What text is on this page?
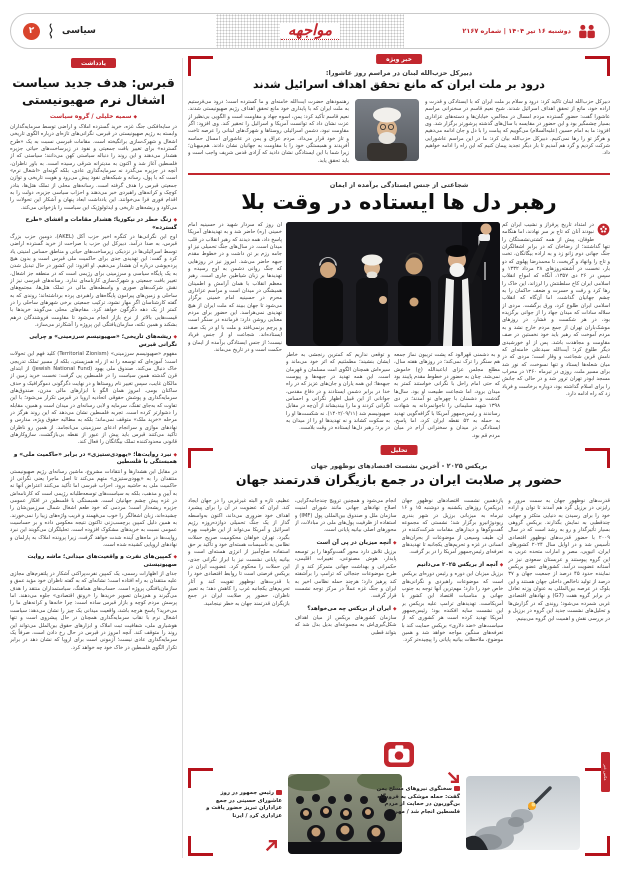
دوشنبه ۱۶ تیر ۱۴۰۴ | شماره ۲۱۶۷
مواجهه
سیاسی
۲
یادداشت
قبرس: هدف جدید سیاست
اشغال نرم صهیونیستی
◆سمیه خلیلی / گروه سیاست
در سایه‌افکنی جنگ غزه، خرید گسترده املاک و اراضی توسط سرمایه‌گذاران وابسته به رژیم صهیونیستی در قبرس، نگرانی‌های تازه‌ای درباره الگوی تاریخی اشغال و شهرک‌سازی برانگیخته است. مقامات قبرسی نسبت به یک «طرح گسترده» برای تغییر بافت جمعیتی و نفوذ در زیرساخت‌های حیاتی جزیره هشدار می‌دهند و این روند را دنباله سیاستی کهن می‌دانند؛ سیاستی که از فلسطین آغاز شد و اکنون به مدیترانه شرقی رسیده است. به باور ناظران، آنچه در جزیره می‌گذرد نه سرمایه‌گذاری عادی، بلکه گونه‌ای «اشغال نرم» است که با پول، رسانه و شبکه‌های نفوذ پیش می‌رود و هویت تاریخی و توازن جمعیتی قبرس را هدف گرفته است. رسانه‌های محلی از تملک هتل‌ها، بنادر کوچک و کرانه‌های راهبردی خبر می‌دهند و احزاب سیاسی جزیره، دولت را به اقدام فوری فرا می‌خوانند. این یادداشت ابعاد پنهان و آشکار این تحولات را می‌کاود و ریشه‌های تاریخی و ایدئولوژیک این سیاست را بازخوانی می‌کند.
◆زنگ خطر در نیکوزیا؛ هشدار مقامات و افشای «طرح گسترده»
اوج این نگرانی‌ها در کنگره اخیر حزب آکل (AKEL)، دومین حزب بزرگ قبرس، به صدا درآمد. دبیرکل این حزب با صراحت از خرید گسترده اراضی توسط اسرائیلی‌ها در نزدیکی زیرساخت‌های حیاتی و مناطق حساس امنیتی یاد کرد و گفت: این تهدیدی جدی برای حاکمیت ملی قبرس است و بدون هیچ پرده‌پوشی درباره آن هشدار می‌دهیم. او افزود: این کشور در حال تبدیل شدن به یک پایگاه سیاسی و سرزمینی برای رژیمی است که در منطقه جز اشغال، تغییر بافت جمعیتی و شهرک‌سازی کارنامه‌ای ندارد. رسانه‌های قبرسی نیز از نقش شرکت‌های صوری و واسطه‌های مالی در تملک هتل‌ها، مجتمع‌های ساحلی و زمین‌های پیرامون پایگاه‌های راهبردی پرده برداشته‌اند؛ روندی که به گفته کارشناسان اگر مهار نشود، ترکیب جمعیتی برخی شهرهای ساحلی را در کمتر از یک دهه دگرگون خواهد کرد. مقام‌های محلی می‌گویند خریدها با قیمت‌هایی بالاتر از نرخ بازار انجام می‌شود تا مقاومت فروشندگان درهم بشکند و همین نکته، سازمان‌یافتگی این پروژه را آشکارتر می‌سازد.
◆ریشه‌های تاریخی؛ «صهیونیسم سرزمینی» و چرایی نگرانی قبرس
مفهوم «صهیونیسم سرزمینی» (Territorial Zionism) کلید فهم این تحولات است؛ آموزه‌ای که توسعه را نه از راه همزیستی، بلکه از مسیر تملک تدریجی خاک دنبال می‌کند. صندوق ملی یهود (Jewish National Fund) از ابتدای قرن گذشته همین سیاست را در فلسطین پی گرفت: نخست خرید زمین از مالکان غایب، سپس تغییر نام روستاها و در نهایت دگرگونی دموگرافیک و حذف ساکنان بومی. امروز همان الگو با ابزارهای مالی مدرن، صندوق‌های سرمایه‌گذاری و پوشش حقوقی اتحادیه اروپا در قبرس تکرار می‌شود؛ با این تفاوت که به‌جای تفنگ، سرمایه و لابی رسانه‌ای در میدان است و همین، مقابله را دشوارتر کرده است. تجربه فلسطین نشان می‌دهد که این روند هرگز در مرحله «خرید ملک» متوقف نمی‌ماند؛ بلکه به مطالبه حقوق ویژه، مدارس و نهادهای موازی و سرانجام ادعای سرزمینی می‌انجامد. از همین رو ناظران تأکید می‌کنند قبرس باید پیش از عبور از نقطه بی‌بازگشت، سازوکارهای قانونی محدودکننده تملک بیگانگان را فعال کند.
◆نبرد روایت‌ها؛ «یهودی‌ستیزی» در برابر «حاکمیت ملی» و همبستگی با فلسطین
در مقابل این هشدارها و انتقادات مشروع، ماشین رسانه‌ای رژیم صهیونیستی منتقدان را به «یهودی‌ستیزی» متهم می‌کند تا اصل ماجرا یعنی نگرانی از حاکمیت ملی به حاشیه برود. احزاب قبرسی اما تأکید می‌کنند اعتراض آنها نه به آیین و مذهب، بلکه به سیاست‌های توسعه‌طلبانه رژیمی است که کارنامه‌اش در غزه پیش چشم جهانیان است. همبستگی با فلسطین در افکار عمومی جزیره ریشه‌دار است؛ مردمی که خود طعم اشغال شمال سرزمین‌شان را چشیده‌اند، زبان اشغالگر را خوب می‌فهمند و فریب واژه‌های زیبا را نمی‌خورند. به همین دلیل کمپین برچسب‌زنی تاکنون نتیجه معکوس داده و بر حساسیت عمومی نسبت به خریدهای مشکوک افزوده است. تحلیلگران می‌گویند این نبرد روایت‌ها در ماه‌های آینده شدت خواهد گرفت، زیرا پرونده املاک به پارلمان و نهادهای اروپایی کشیده شده است.
◆کمپین‌های نفرت و واقعیت‌های میدانی؛ ماشه روایت صهیونیستی
جدای از اظهارات رسمی، یک کمپین نفرت‌پراکنی آشکار در پلتفرم‌های مجازی علیه منتقدان به راه افتاده است؛ نشانه‌ای که به گفته ناظران خود مؤید عمق و سازمان‌یافتگی پروژه است. حساب‌های هماهنگ، سیاستمداران منتقد را هدف می‌گیرند و هم‌زمان تصویر خریدها را «رونق اقتصادی» جلوه می‌دهند. اما پرسش مردم کوچه و بازار قبرس ساده است: چرا خانه‌ها و کرانه‌های ما را می‌خرید؟ پاسخ هرچه باشد، واقعیت میدانی یک چیز را نشان می‌دهد: سیاست اشغال نرم با نقاب سرمایه‌گذاری همچنان در حال پیشروی است و تنها هوشیاری ملی، شفافیت ثبت املاک و ابزارهای حقوق بین‌الملل می‌تواند این روند را متوقف کند. آنچه امروز در قبرس در حال رخ دادن است، صرفاً یک سرمایه‌گذاری عادی نیست؛ آزمونی است برای اروپا که نشان دهد در برابر تکرار الگوی فلسطین در خاک خود چه خواهد کرد.
خبر ویژه
دبیرکل حزب‌الله لبنان در مراسم روز عاشورا:
درود بر ملت ایران که مانع تحقق اهداف اسرائیل شدند
دبیرکل حزب‌الله لبنان تأکید کرد: درود و سلام بر ملت ایران که با ایستادگی و قدرت و اراده خود، مانع از تحقق اهداف اسرائیل شدند. شیخ نعیم قاسم در سخنرانی مراسم عاشورا گفت: حضور گسترده مردم امسال در مجالس، خیابان‌ها و دسته‌های عزاداری بسیار چشمگیر بود و این حضور در مقایسه با سال‌های گذشته پرشورتر برگزار شد. وی افزود: ما به امام حسین (علیه‌السلام) می‌گوییم که پیامت را با دل و جان ادامه می‌دهیم و هرگز تو را رها نمی‌کنیم. دبیرکل حزب‌الله بیان کرد: ما در این مراسم عاشورایی شرکت کردیم و گرد هم آمدیم تا بار دیگر تجدید پیمان کنیم که این راه را ادامه خواهیم داد.
رهنمودهای حضرت آیت‌الله خامنه‌ای و ما گسترده است؛ درود می‌فرستیم به ملت ایران که با پایداری خود مانع تحقق اهداف رژیم صهیونیستی شدند. نعیم قاسم تأکید کرد: یمن، اسوه جهاد و مقاومت است و الگویی بی‌نظیر از عزت نشان داد که توانست آمریکا و اسرائیل را تحقیر کند. وی افزود: اگر مقاومت نبود، دشمن اسرائیلی روستاها و شهرک‌های لبنانی را عرصه تاخت و تاز خود قرار می‌داد. مردم عراق و یمن در عاشورای امسال حماسه آفریدند و همبستگی خود را با مقاومت به جهانیان نشان دادند. هم‌میهنان؛ زیرا شما با این ایستادگی نشان دادید که آزادی قدس شریف واجب است و باید تحقق یابد.
شجاعتی از جنس ایستادگی برآمده از ایمان
رهبر دل ها ایستاده در وقت بلا
در امتداد تاریخ پرفراز و نشیب ایران کم نبودند آنان که تاج بر سر نهادند، اما هنگامه طوفان، پیش از همه کشتی‌نشستگان را تنها گذاشتند؛ از رضاخان که در برابر اشغالگران جنگ جهانی دوم زانو زد و به اراده بیگانگان، تخت و تاج را وانهاد و گریخت، تا محمدرضا پهلوی که دو بار، نخست در آشفته‌روزهای ۲۸ مرداد ۱۳۳۲ و سپس در ۲۶ دی ۱۳۵۷، آنگاه که امواج انقلاب اسلامی ایران کاخ سلطنتش را لرزاند، این خاک را رها کرد و رفت و حسرت و ضعف حاکمان را به چشم جهانیان گذاشت. اما آن‌گاه که انقلاب اسلامی ایران طلوع کرد، ورق برگشت. مردی از سلاله سادات که میدان جهاد را از جوانی برگزیده بود، در هر شکست و فشار، در روزهای موشک‌باران تهران از جمع مردم خارج نشد و به مردم آموخت که رهبر باید خود نخستین در صف مقاومت و مجاهدت باشد. پس از او خورشیدی دیگر طلوع کرد؛ آیت‌الله سیدعلی خامنه‌ای که نامش قرین شجاعت و وقار است؛ مردی که در میان شعله‌ها ایستاد و تنها نسوخت، که نور شد برای مسیر ملت. روزی در تیرماه ۱۳۶۰ در محراب مسجد ابوذر تهران ترور شد و در حالی که جانش را برای اسلام گذاشته بود، دوباره برخاست و فریاد زد که راه ادامه دارد.
آن روز که سردار شهید در حسینیه امام خمینی (ره) حاضر شد و به تهدیدهای آمریکا پاسخ داد، همه دیدند که رهبر انقلاب در قلب میدان است. در سال‌های جنگ تحمیلی نیز او جامه رزم بر تن داشت و در خطوط مقدم جبهه حاضر می‌شد. امروز نیز در روزهایی که جنگ روانی دشمن به اوج رسیده و تهدیدها بر زبان شیاطین جاری است، رهبر معظم انقلاب با همان آرامش و اطمینان همیشگی در میدان است و مراسم عزاداری محرم در حسینیه امام خمینی برگزار می‌شود تا جهان ببیند که ملت ایران از هیچ تهدیدی نمی‌هراسد. این حضور برای مردم معنایی روشن دارد: فرمانده در سنگر است و پرچم برنمی‌افتد و ملت با او در یک صف ایستاده‌اند. شجاعت او از جنس فریاد نیست؛ از جنس ایستادگی برآمده از ایمان و حکمت است و در تاریخ می‌ماند.
و به دشمنی قهرآلود که پشت تریبون نماز جمعه هم سنگر را ترک نمی‌کند؛ در روزهای هفته سال، مطلع مجلس عزای اباعبدالله (ع) خاموش نمی‌شد. چنان به حضور در خطوط مقدم پایبند بود که حتی امام راحل با نگرانی خواستند کمتر به میدان برود، اما شجاعت طبیعت او بود. سال‌ها گذشت و دشمنان با چهره‌ای نو آمدند؛ در دی ۱۳۹۸ شهید سلیمانی را ناجوانمردانه به شهادت رساندند و رئیس‌جمهور آمریکا با گزافه‌گویی تهدید به حمله به ۵۲ نقطه ایران کرد، اما پاسخ، ایستادگی در میدان و سخنرانی آرام در میان مردم قم بود.
و توقعی نداریم که کمترین رنجشی به خاطر ایشان بنشیند؛ مطمئنیم که اثر خود می‌ماند و سیره‌اش همچنان الگوی امت مسلمان و قهرمان است. این همه تهدید در جبهه‌ها و پیوست جبهه‌ها؛ این همه یاران و جان‌های عزیز که در راه خدا در برابر دشمن ایستادند و در دفاع مقدس، جوانانی از این قبیل اظهار نگرانی و احساس نگرانی کردند و ما را بیندیشاند از آن‌چه در مقابل صهیونیسم شد (۱۴۰۲/۰۹/۱۱). نه شکست‌ها او را به سکوت کشاند و نه تهدیدها او را از میدان به در برد؛ رهبر دل‌ها ایستاده در وقت بلاست.
تحلیل
بریکس ۲۰۲۵ - آخرین نشست اقتصادهای نوظهور جهان
حضور پر صلابت ایران در جمع بازیگران قدرتمند جهان
قدرت‌های نوظهور جهان به سمت مرور و رایزنی در برزیل گرد هم آمدند تا توان و اراده خود را برای رسیدن به دنیایی متکثر و جهانی چندقطبی به نمایش بگذارند. بریکس گروهی بسیار تأثیرگذار و رو به رشد است که در سال ۲۰۰۹ با حضور قدرت‌های نوظهور اقتصادی تأسیس شد و در اوایل سال ۲۰۲۴ کشورهای ایران، اتیوپی، مصر و امارات متحده عربی به این گروه پیوستند و عربستان سعودی نیز در آستانه عضویت درآمد. کشورهای عضو بریکس نماینده حدود ۴۵ درصد از جمعیت جهان و ۳۷ درصد از تولید ناخالص داخلی جهان هستند و این بلوک در عرصه بین‌المللی به عنوان وزنه تعادل در برابر گروه هفت (G7) و نهادهای اقتصادی غربی شمرده می‌شود؛ روندی که در گزارش‌ها و تحلیل‌های نشست جدید این گروه در برزیل و در بررسی نقش و اهمیت این گروه می‌بینیم.
یازدهمین نشست اقتصادهای نوظهور جهان (بریکس) روزهای یکشنبه و دوشنبه ۱۵ و ۱۶ تیرماه به میزبانی برزیل در شهر بندری ریودوژانیرو برگزار شد؛ نشستی که مجموعه گفت‌وگوها و دیدارهای مقامات شرکت‌کننده در آن، طیف وسیعی از موضوعات از بحران‌های انسانی در غزه و تحریم‌های یکجانبه تا تهدیدهای تعرفه‌ای رئیس‌جمهور آمریکا را در بر گرفت.
◆آنچه از بریکس ۲۰۲۵ می‌دانیم
برزیل میزبان این دوره و رئیس دوره‌ای بریکس است که موضوعات راهبردی و نگرانی‌های خاص خود را دارد؛ مهم‌ترین آنها توجه به جنوب جهانی و مناسبات اقتصاد این کشور با آمریکاست. تهدیدهای ترامپ علیه بریکس بر این نشست سایه افکنده بود؛ رئیس‌جمهور آمریکا تهدید کرده است هر کشوری که از سیاست‌های «ضد دلاری» بریکس حمایت کند با تعرفه‌های سنگین مواجه خواهد شد و همین موضوع، ملاحظات بیانیه پایانی را پیچیده‌تر کرد.
انجام می‌شود و همچنین ترویج چندجانبه‌گرایی، اصلاح نهادهای جهانی مانند شورای امنیت سازمان ملل و صندوق بین‌المللی پول (IMF) و استفاده از ظرفیت پول‌های ملی در مبادلات، از محورهای اصلی بیانیه پایانی است.
◆آنچه میزبان در پی آن است
برزیل تلاش دارد محور گفت‌وگوها را بر توسعه پایدار، هوش مصنوعی، تغییرات اقلیمی، حکمرانی و بهداشت جهانی متمرکز کند و از طرح موضوعات جنجالی که ترامپ را برآشفته کند پرهیز دارد؛ هرچند حمله نظامی اخیر به ایران و جنگ غزه عملاً در مرکز توجه نشست قرار گرفت.
◆ایران از بریکس چه می‌خواهد؟
سازمان کشورهای بریکس از میان اهداف شکل‌گیری‌اش به مجموعه‌ای بدیل بدل شد که بتواند قطبی
عظیم، تازه و البته غیرغربی را در جهان ایجاد کند. ایران که عضویت در آن را برای پیشبرد اهداف خود ضروری می‌داند، اکنون به‌واسطه گذار از یک جنگ تحمیلی دوازده‌روزه رژیم اسرائیل و آمریکا می‌تواند از این ظرفیت بهره بگیرد. تهران خواهان محکومیت صریح حملات نظامی به تأسیسات هسته‌ای خود و تأکید بر حق استفاده صلح‌آمیز از انرژی هسته‌ای است و بیانیه پایانی نشست نیز با ابراز نگرانی جدی، این حملات را محکوم کرد. عضویت ایران در بریکس فرصتی است تا روابط اقتصادی خود را با قدرت‌های نوظهور تقویت کند و آثار تحریم‌های یکجانبه غرب را کاهش دهد؛ به تعبیر ناظران، حضور پر صلابت ایران در جمع بازیگران قدرتمند جهان به خطر نینجامید.
عکس خبر
سخنگوی نیروهای مسلح یمن گفت: حمله موشکی به فرودگاه بن‌گوریون در حمایت از مردم فلسطین انجام شد / مهر
رئیس جمهور در روز عاشورای حسینی در جمع عزاداران تبریز حضور یافت و عزاداری کرد / ایرنا
